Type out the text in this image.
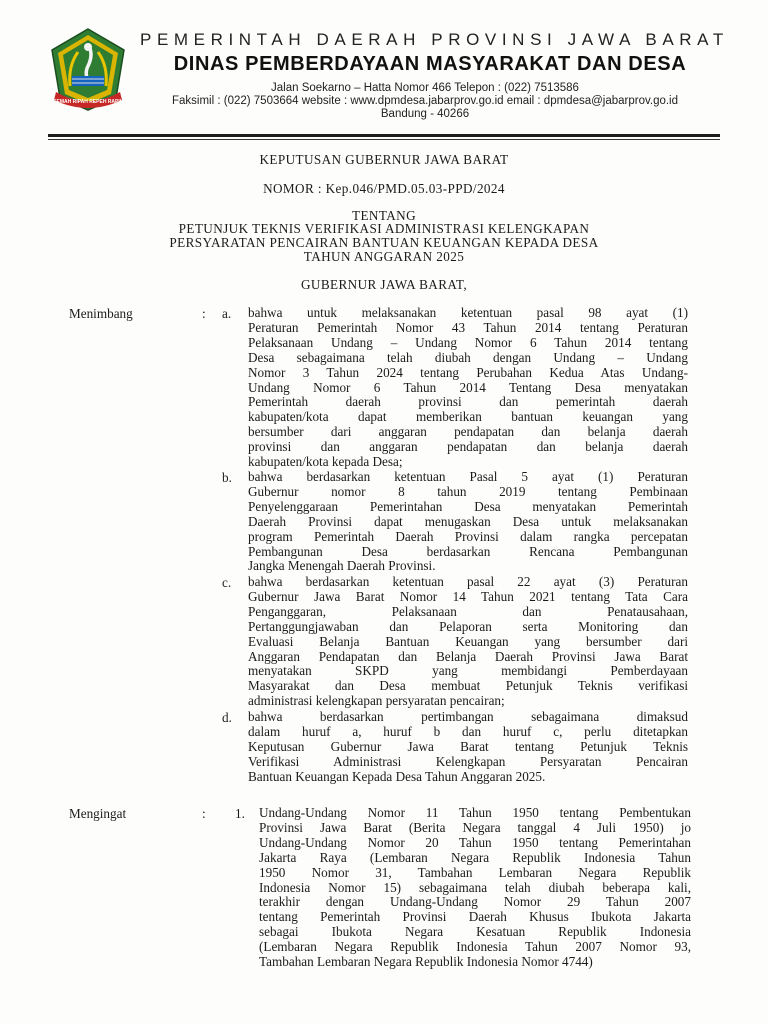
GEMAH RIPAH REPEH RAPIH
PEMERINTAH DAERAH PROVINSI JAWA BARAT
DINAS PEMBERDAYAAN MASYARAKAT DAN DESA
Jalan Soekarno – Hatta Nomor 466 Telepon : (022) 7513586
Faksimil : (022) 7503664 website : www.dpmdesa.jabarprov.go.id email : dpmdesa@jabarprov.go.id
Bandung - 40266
KEPUTUSAN GUBERNUR JAWA BARAT
NOMOR : Kep.046/PMD.05.03-PPD/2024
TENTANG
PETUNJUK TEKNIS VERIFIKASI ADMINISTRASI KELENGKAPAN
PERSYARATAN PENCAIRAN BANTUAN KEUANGAN KEPADA DESA
TAHUN ANGGARAN 2025
GUBERNUR JAWA BARAT,
Menimbang	: a. bahwa untuk melaksanakan ketentuan pasal 98 ayat (1)
Peraturan Pemerintah Nomor 43 Tahun 2014 tentang Peraturan
Pelaksanaan Undang – Undang Nomor 6 Tahun 2014 tentang
Desa sebagaimana telah diubah dengan Undang – Undang
Nomor 3 Tahun 2024 tentang Perubahan Kedua Atas Undang-
Undang Nomor 6 Tahun 2014 Tentang Desa menyatakan
Pemerintah daerah provinsi dan pemerintah daerah
kabupaten/kota dapat memberikan bantuan keuangan yang
bersumber dari anggaran pendapatan dan belanja daerah
provinsi dan anggaran pendapatan dan belanja daerah
kabupaten/kota kepada Desa;
b. bahwa berdasarkan ketentuan Pasal 5 ayat (1) Peraturan
Gubernur nomor 8 tahun 2019 tentang Pembinaan
Penyelenggaraan Pemerintahan Desa menyatakan Pemerintah
Daerah Provinsi dapat menugaskan Desa untuk melaksanakan
program Pemerintah Daerah Provinsi dalam rangka percepatan
Pembangunan Desa berdasarkan Rencana Pembangunan
Jangka Menengah Daerah Provinsi.
c. bahwa berdasarkan ketentuan pasal 22 ayat (3) Peraturan
Gubernur Jawa Barat Nomor 14 Tahun 2021 tentang Tata Cara
Penganggaran, Pelaksanaan dan Penatausahaan,
Pertanggungjawaban dan Pelaporan serta Monitoring dan
Evaluasi Belanja Bantuan Keuangan yang bersumber dari
Anggaran Pendapatan dan Belanja Daerah Provinsi Jawa Barat
menyatakan SKPD yang membidangi Pemberdayaan
Masyarakat dan Desa membuat Petunjuk Teknis verifikasi
administrasi kelengkapan persyaratan pencairan;
d. bahwa berdasarkan pertimbangan sebagaimana dimaksud
dalam huruf a, huruf b dan huruf c, perlu ditetapkan
Keputusan Gubernur Jawa Barat tentang Petunjuk Teknis
Verifikasi Administrasi Kelengkapan Persyaratan Pencairan
Bantuan Keuangan Kepada Desa Tahun Anggaran 2025.
Mengingat	: 1. Undang-Undang Nomor 11 Tahun 1950 tentang Pembentukan
Provinsi Jawa Barat (Berita Negara tanggal 4 Juli 1950) jo
Undang-Undang Nomor 20 Tahun 1950 tentang Pemerintahan
Jakarta Raya (Lembaran Negara Republik Indonesia Tahun
1950 Nomor 31, Tambahan Lembaran Negara Republik
Indonesia Nomor 15) sebagaimana telah diubah beberapa kali,
terakhir dengan Undang-Undang Nomor 29 Tahun 2007
tentang Pemerintah Provinsi Daerah Khusus Ibukota Jakarta
sebagai Ibukota Negara Kesatuan Republik Indonesia
(Lembaran Negara Republik Indonesia Tahun 2007 Nomor 93,
Tambahan Lembaran Negara Republik Indonesia Nomor 4744)
